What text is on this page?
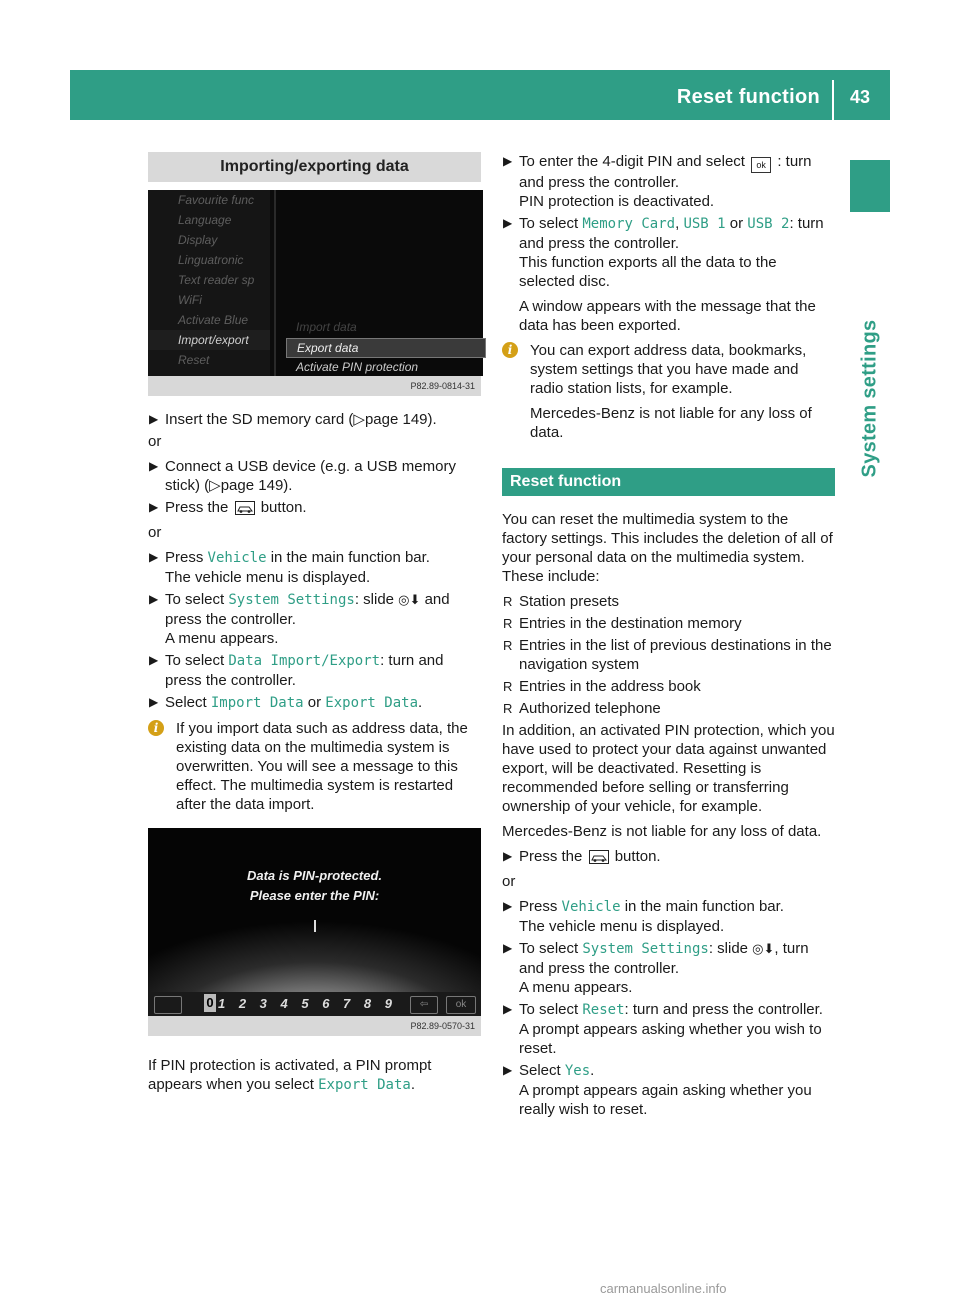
Reset function	43
System settings
Importing/exporting data
Favourite func
Language
Display
Linguatronic
Text reader sp
WiFi
Activate Blue
Import/export
Reset
Import data
Export data
Activate PIN protection
P82.89-0814-31
▶ Insert the SD memory card (▷page 149).
or
▶ Connect a USB device (e.g. a USB memory
stick) (▷page 149).
▶ Press the button.
or
▶ Press Vehicle in the main function bar.
The vehicle menu is displayed.
▶ To select System Settings: slide ◎⬇ and
press the controller.
A menu appears.
▶ To select Data Import/Export: turn and
press the controller.
▶ Select Import Data or Export Data.
i	If you import data such as address data, the existing data on the multimedia system is overwritten. You will see a message to this effect. The multimedia system is restarted after the data import.

Data is PIN-protected.
Please enter the PIN:
0 1 2 3 4 5 6 7 8 9	⇦	ok
P82.89-0570-31
If PIN protection is activated, a PIN prompt
appears when you select Export Data.
▶ To enter the 4-digit PIN and select ok : turn
and press the controller.
PIN protection is deactivated.
▶ To select Memory Card, USB 1 or USB 2: turn
and press the controller.
This function exports all the data to the selected disc.
A window appears with the message that the data has been exported.
i	You can export address data, bookmarks, system settings that you have made and radio station lists, for example.

Mercedes-Benz is not liable for any loss of data.

Reset function
You can reset the multimedia system to the factory settings. This includes the deletion of all of your personal data on the multimedia system. These include:
R Station presets
R Entries in the destination memory
R Entries in the list of previous destinations in the navigation system
R Entries in the address book
R Authorized telephone
In addition, an activated PIN protection, which you have used to protect your data against unwanted export, will be deactivated. Resetting is recommended before selling or transferring ownership of your vehicle, for example.
Mercedes-Benz is not liable for any loss of data.
▶ Press the button.
or
▶ Press Vehicle in the main function bar.
The vehicle menu is displayed.
▶ To select System Settings: slide ◎⬇, turn
and press the controller.
A menu appears.
▶ To select Reset: turn and press the controller.
A prompt appears asking whether you wish to reset.
▶ Select Yes.
A prompt appears again asking whether you really wish to reset.
carmanualsonline.info
